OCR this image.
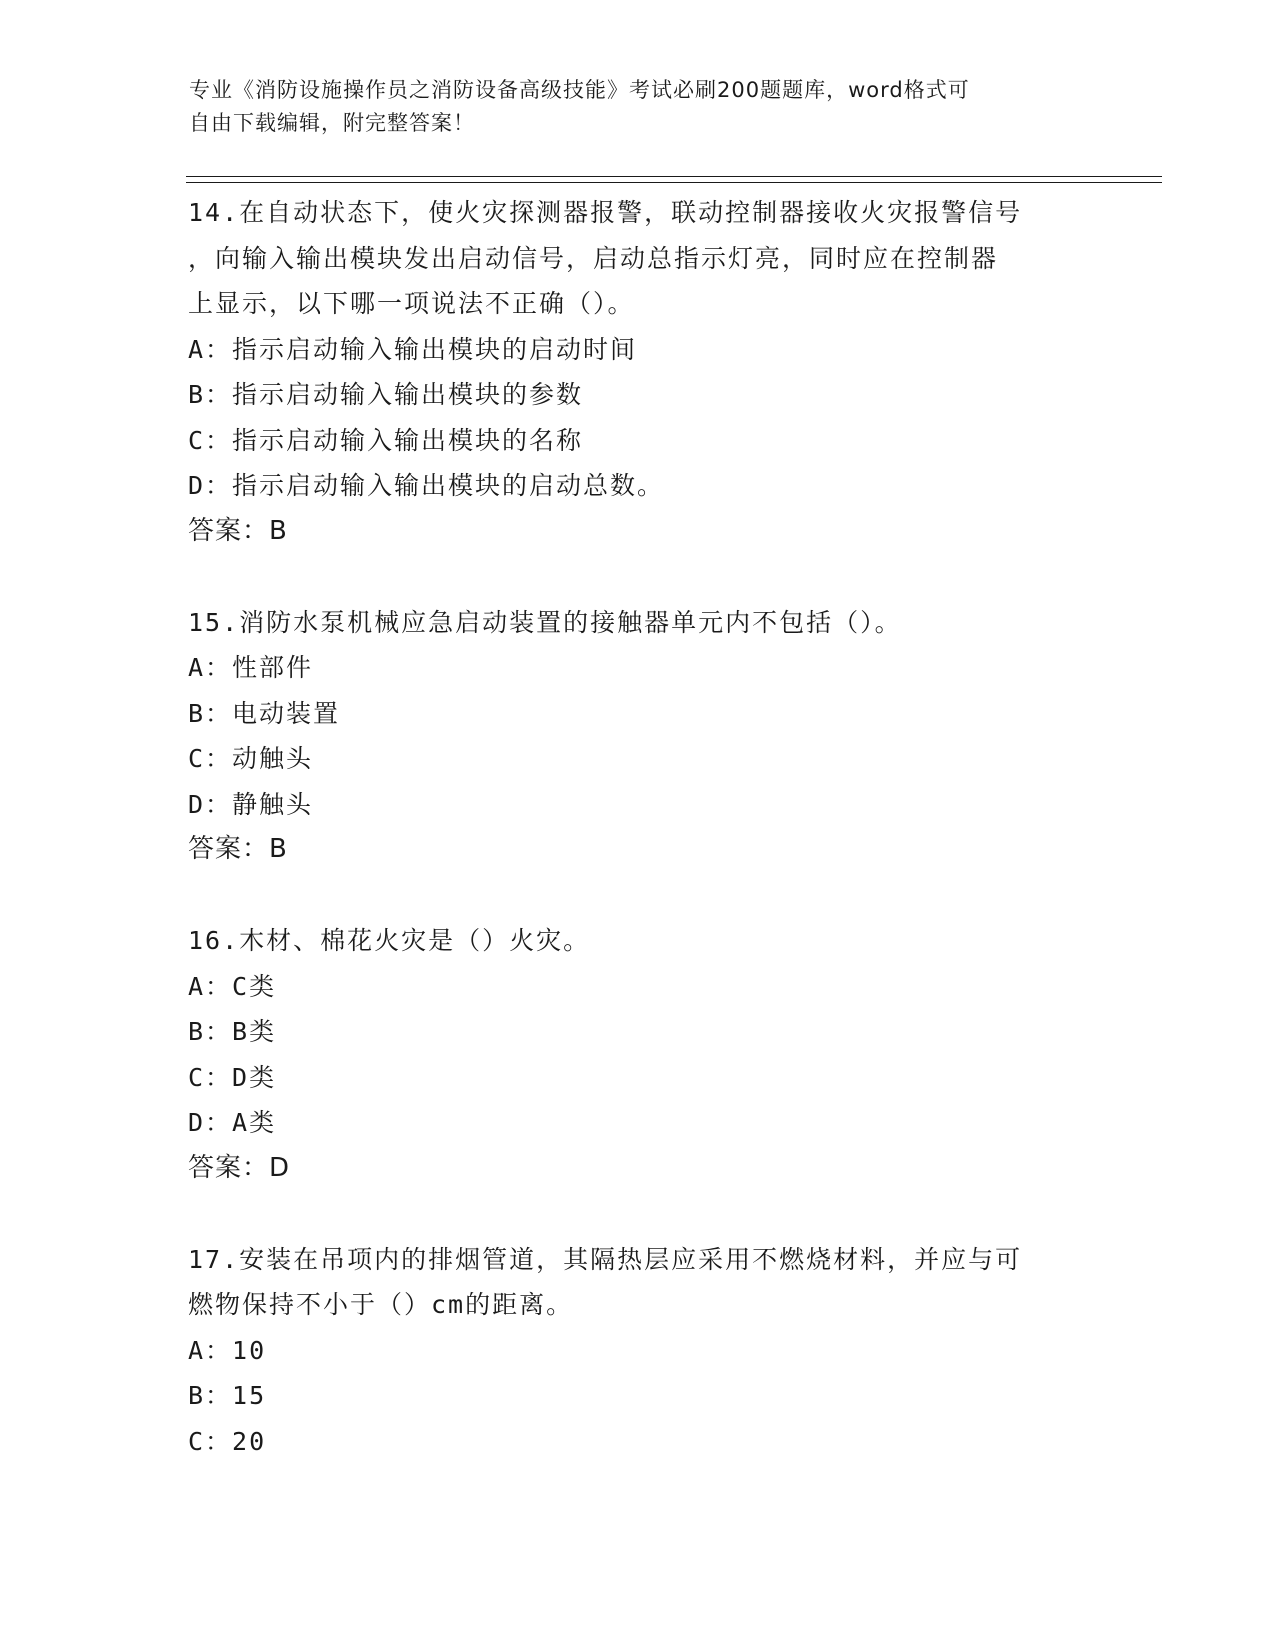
专业《消防设施操作员之消防设备高级技能》考试必刷200题题库，word格式可
自由下载编辑，附完整答案！
14.在自动状态下，使火灾探测器报警，联动控制器接收火灾报警信号
，向输入输出模块发出启动信号，启动总指示灯亮，同时应在控制器
上显示，以下哪一项说法不正确（）。
A：指示启动输入输出模块的启动时间
B：指示启动输入输出模块的参数
C：指示启动输入输出模块的名称
D：指示启动输入输出模块的启动总数。
答案：B
15.消防水泵机械应急启动装置的接触器单元内不包括（）。
A：性部件
B：电动装置
C：动触头
D：静触头
答案：B
16.木材、棉花火灾是（）火灾。
A：C类
B：B类
C：D类
D：A类
答案：D
17.安装在吊项内的排烟管道，其隔热层应采用不燃烧材料，并应与可
燃物保持不小于（）cm的距离。
A：10
B：15
C：20
